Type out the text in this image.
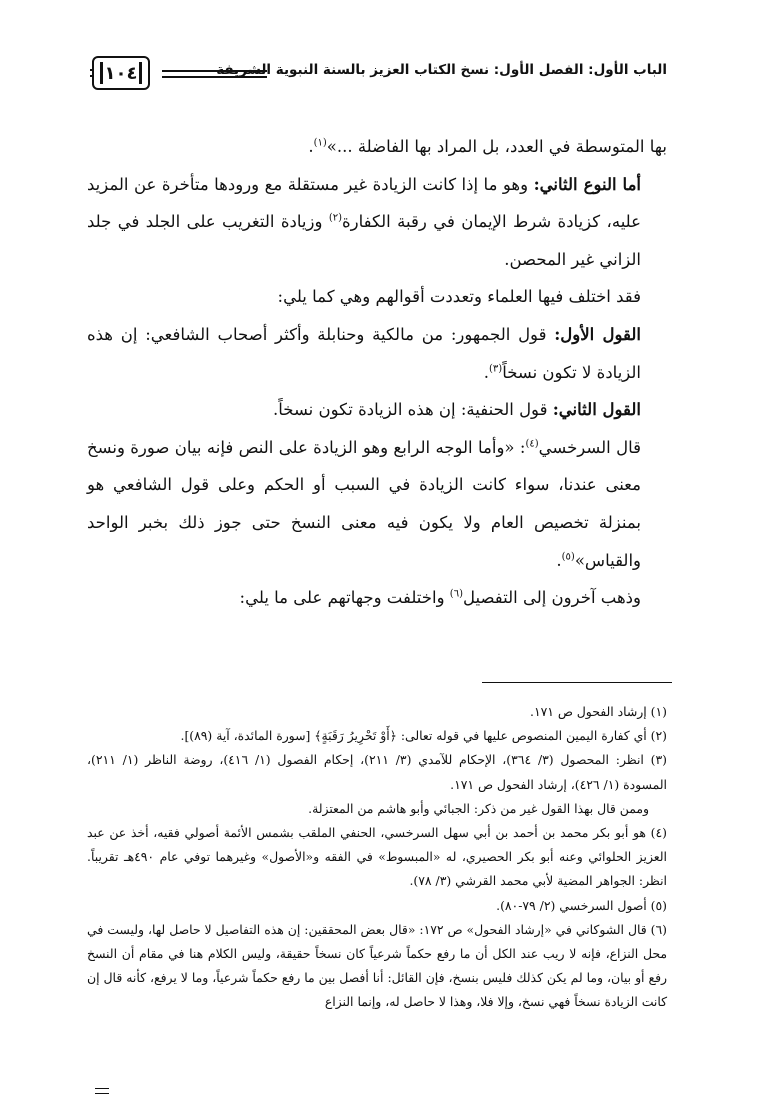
الباب الأول: الفصل الأول: نسخ الكتاب العزيز بالسنة النبوية الشريفة
١٠٤

بها المتوسطة في العدد، بل المراد بها الفاضلة ...»$^{(١)}$.

أما النوع الثاني: وهو ما إذا كانت الزيادة غير مستقلة مع ورودها متأخرة عن المزيد عليه، كزيادة شرط الإيمان في رقبة الكفارة$^{(٢)}$ وزيادة التغريب على الجلد في جلد الزاني غير المحصن.

فقد اختلف فيها العلماء وتعددت أقوالهم وهي كما يلي:

القول الأول: قول الجمهور: من مالكية وحنابلة وأكثر أصحاب الشافعي: إن هذه الزيادة لا تكون نسخاً$^{(٣)}$.

القول الثاني: قول الحنفية: إن هذه الزيادة تكون نسخاً.

قال السرخسي$^{(٤)}$: «وأما الوجه الرابع وهو الزيادة على النص فإنه بيان صورة ونسخ معنى عندنا، سواء كانت الزيادة في السبب أو الحكم وعلى قول الشافعي هو بمنزلة تخصيص العام ولا يكون فيه معنى النسخ حتى جوز ذلك بخبر الواحد والقياس»$^{(٥)}$.

وذهب آخرون إلى التفصيل$^{(٦)}$ واختلفت وجهاتهم على ما يلي:

(١) إرشاد الفحول ص ١٧١.

(٢) أي كفارة اليمين المنصوص عليها في قوله تعالى: ﴿أَوْ تَحْرِيرُ رَقَبَةٍ﴾ [سورة المائدة، آية (٨٩)].

(٣) انظر: المحصول (٣/ ٣٦٤)، الإحكام للآمدي (٣/ ٢١١)، إحكام الفصول (١/ ٤١٦)، روضة الناظر (١/ ٢١١)، المسودة (١/ ٤٢٦)، إرشاد الفحول ص ١٧١.

وممن قال بهذا القول غير من ذكر: الجبائي وأبو هاشم من المعتزلة.

(٤) هو أبو بكر محمد بن أحمد بن أبي سهل السرخسي، الحنفي الملقب بشمس الأئمة أصولي فقيه، أخذ عن عبد العزيز الحلوائي وعنه أبو بكر الحصيري، له «المبسوط» في الفقه و«الأصول» وغيرهما توفي عام ٤٩٠هـ تقريباً. انظر: الجواهر المضية لأبي محمد القرشي (٣/ ٧٨).

(٥) أصول السرخسي (٢/ ٧٩-٨٠).

(٦) قال الشوكاني في «إرشاد الفحول» ص ١٧٢: «قال بعض المحققين: إن هذه التفاصيل لا حاصل لها، وليست في محل النزاع، فإنه لا ريب عند الكل أن ما رفع حكماً شرعياً كان نسخاً حقيقة، وليس الكلام هنا في مقام أن النسخ رفع أو بيان، وما لم يكن كذلك فليس بنسخ، فإن القائل: أنا أفصل بين ما رفع حكماً شرعياً، وما لا يرفع، كأنه قال إن كانت الزيادة نسخاً فهي نسخ، وإلا فلا، وهذا لا حاصل له، وإنما النزاع
